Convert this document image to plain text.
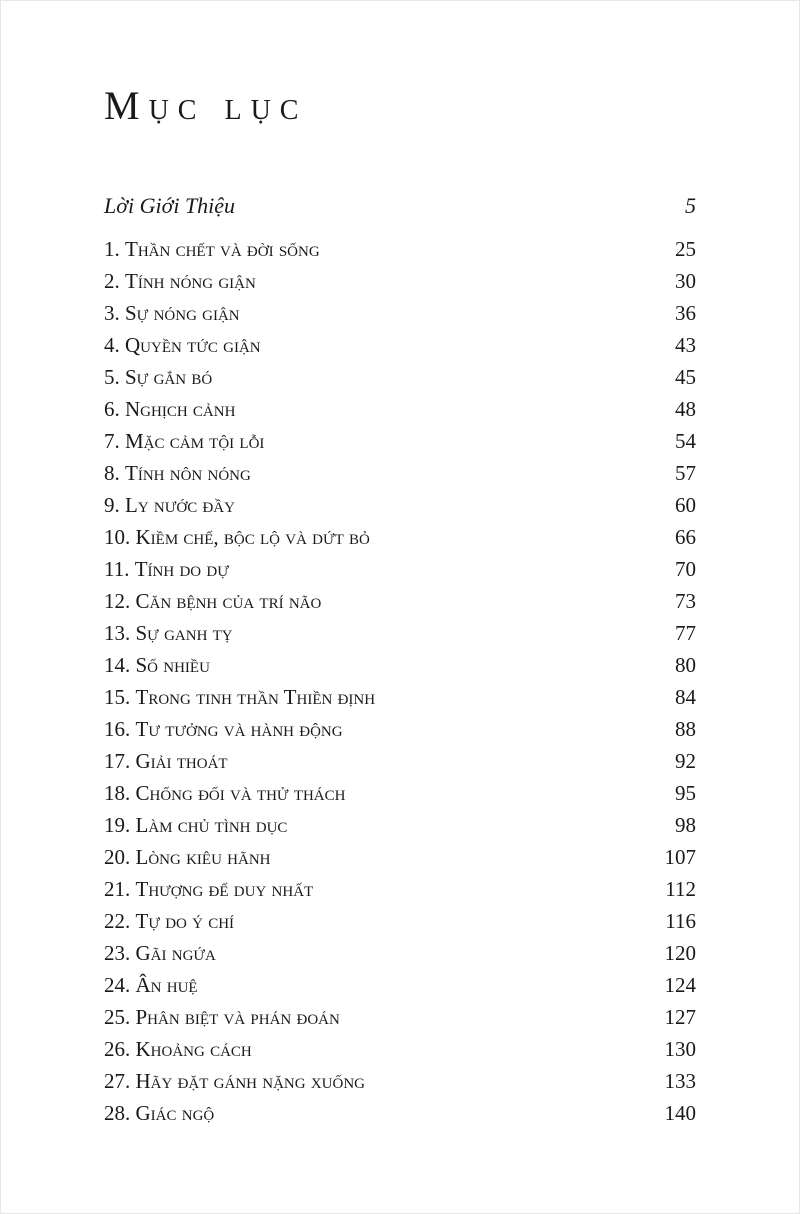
Mục lục
Lời Giới Thiệu	5
1. Thần chết và đời sống	25
2. Tính nóng giận	30
3. Sự nóng giận	36
4. Quyền tức giận	43
5. Sự gắn bó	45
6. Nghịch cảnh	48
7. Mặc cảm tội lỗi	54
8. Tính nôn nóng	57
9. Ly nước đầy	60
10. Kiềm chế, bộc lộ và dứt bỏ	66
11. Tính do dự	70
12. Căn bệnh của trí não	73
13. Sự ganh tỵ	77
14. Số nhiều	80
15. Trong tinh thần Thiền định	84
16. Tư tưởng và hành động	88
17. Giải thoát	92
18. Chống đối và thử thách	95
19. Làm chủ tình dục	98
20. Lòng kiêu hãnh	107
21. Thượng đế duy nhất	112
22. Tự do ý chí	116
23. Gãi ngứa	120
24. Ân huệ	124
25. Phân biệt và phán đoán	127
26. Khoảng cách	130
27. Hãy đặt gánh nặng xuống	133
28. Giác ngộ	140
